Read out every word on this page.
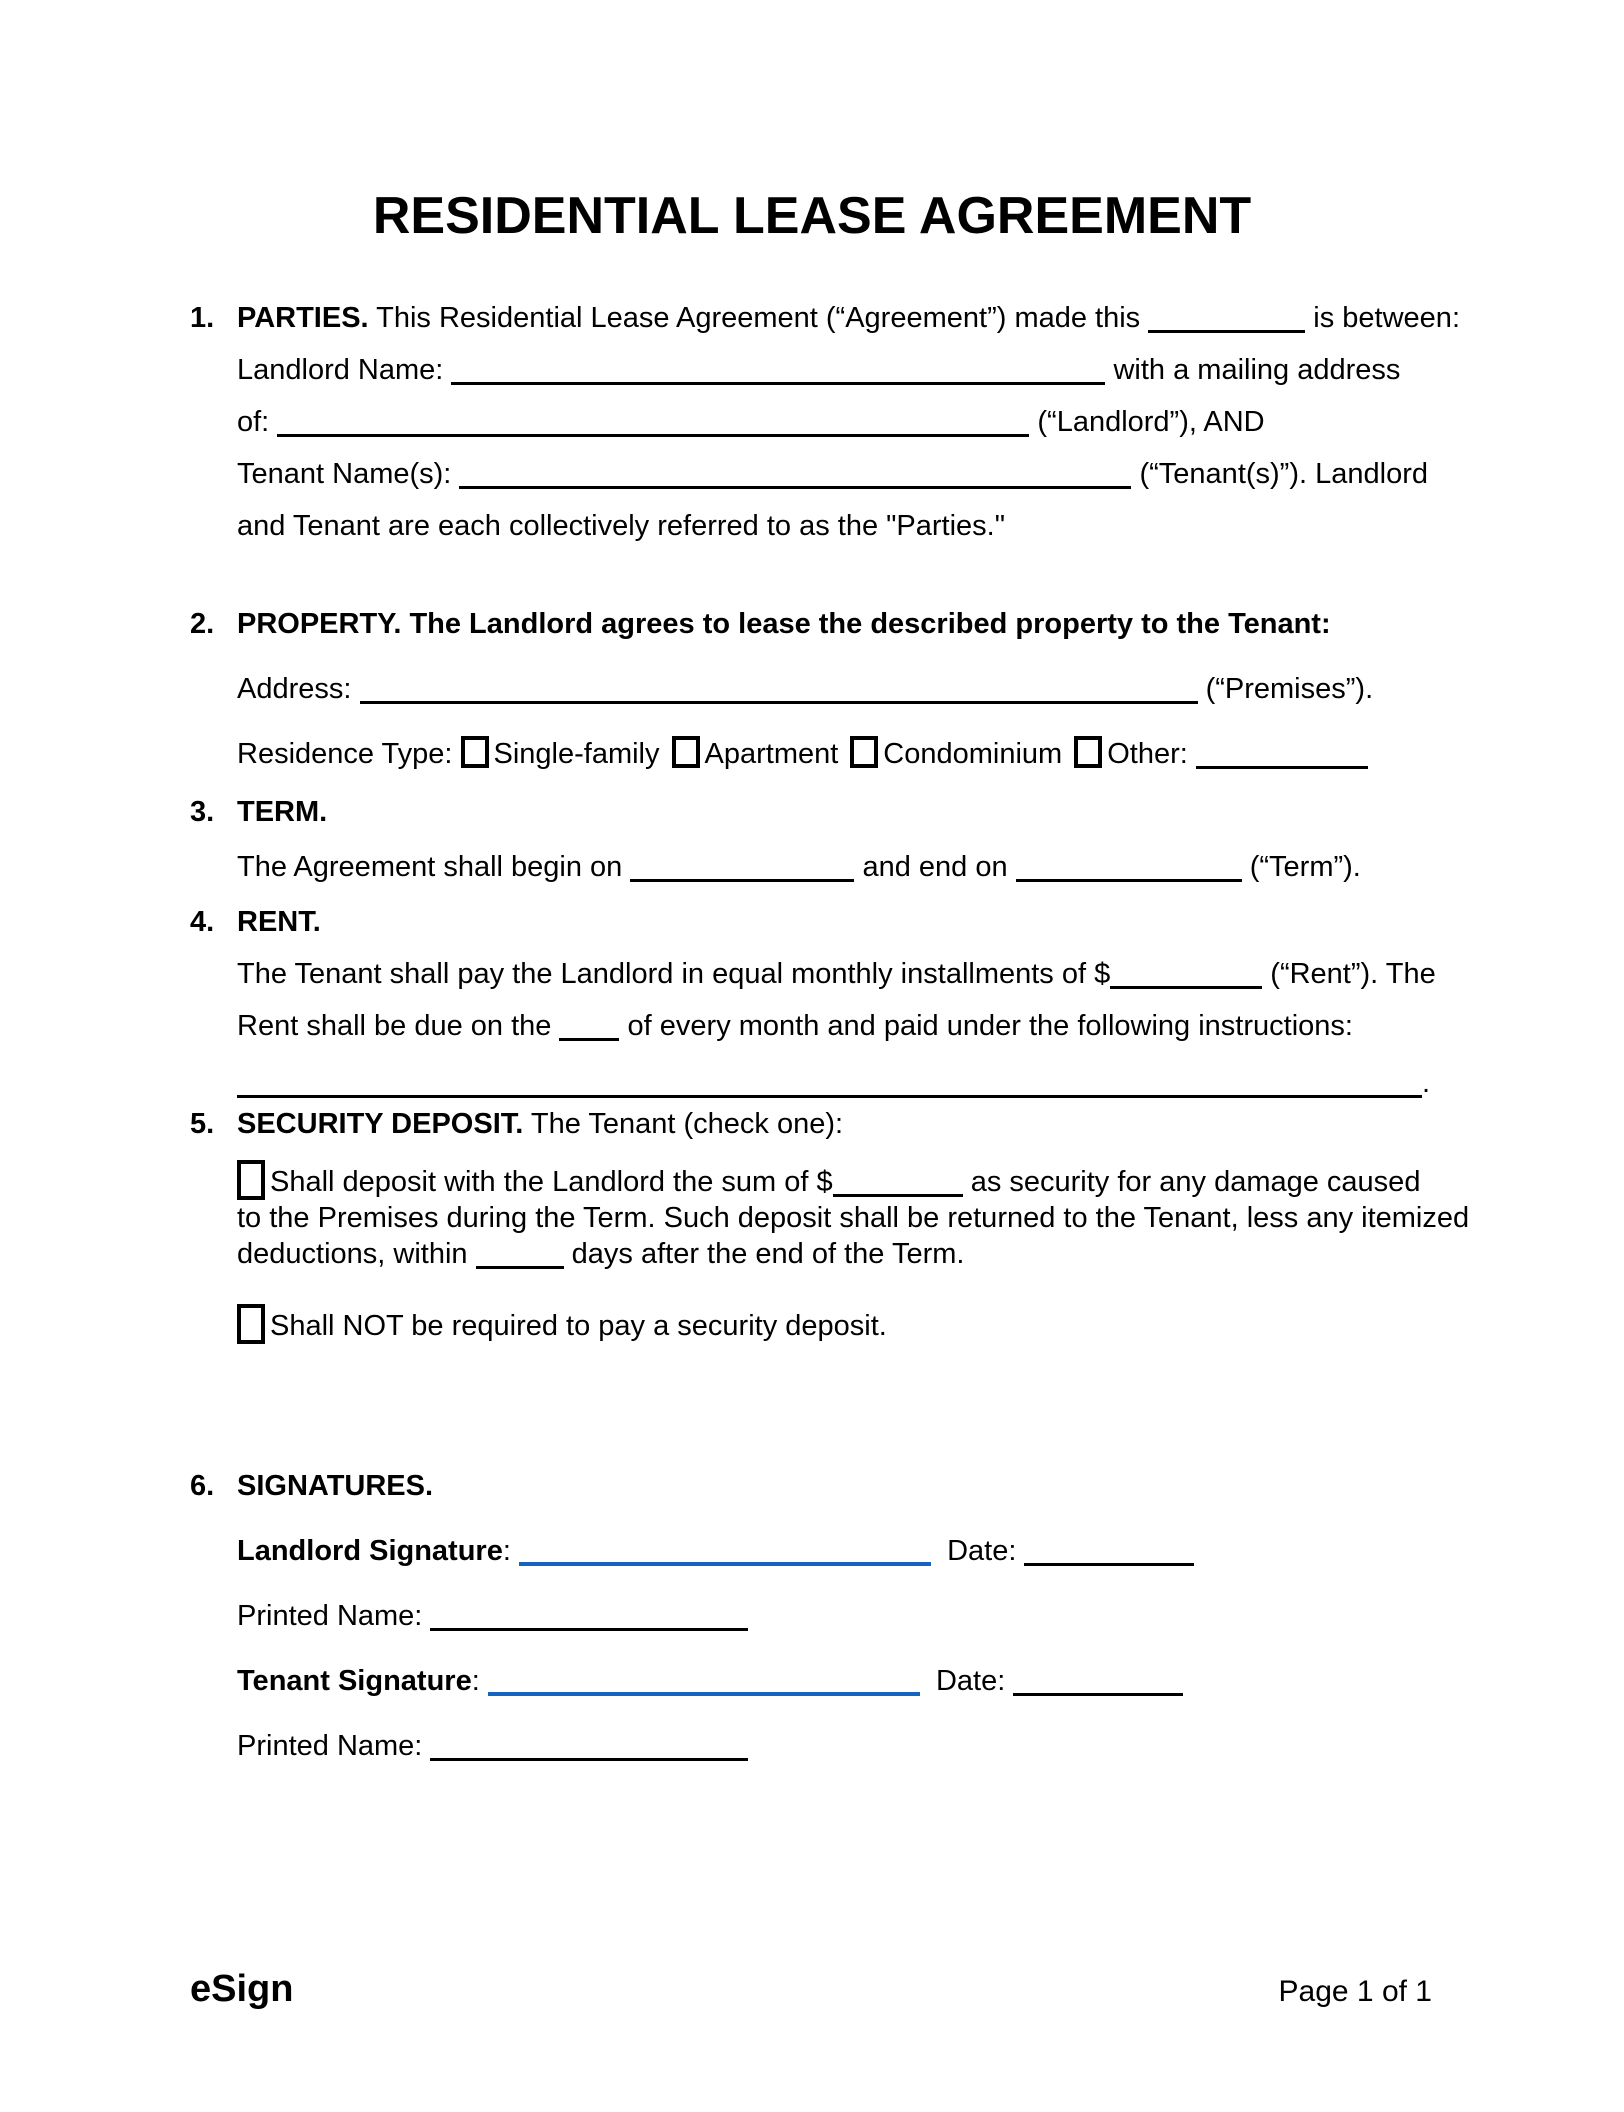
RESIDENTIAL LEASE AGREEMENT
1. PARTIES. This Residential Lease Agreement (“Agreement”) made this	is between:
Landlord Name:	with a mailing address
of:	(“Landlord”), AND
Tenant Name(s):	(“Tenant(s)”). Landlord
and Tenant are each collectively referred to as the "Parties."
2. PROPERTY. The Landlord agrees to lease the described property to the Tenant:
Address:	(“Premises”).
Residence Type: Single-family Apartment Condominium Other:
3. TERM.
The Agreement shall begin on	and end on	(“Term”).
4. RENT.
The Tenant shall pay the Landlord in equal monthly installments of $	(“Rent”). The
Rent shall be due on the	of every month and paid under the following instructions:
.
5. SECURITY DEPOSIT. The Tenant (check one):
Shall deposit with the Landlord the sum of $	as security for any damage caused
to the Premises during the Term. Such deposit shall be returned to the Tenant, less any itemized
deductions, within	days after the end of the Term.
Shall NOT be required to pay a security deposit.
6. SIGNATURES.
Landlord Signature:	Date:
Printed Name:
Tenant Signature:	Date:
Printed Name:
eSign	Page 1 of 1
